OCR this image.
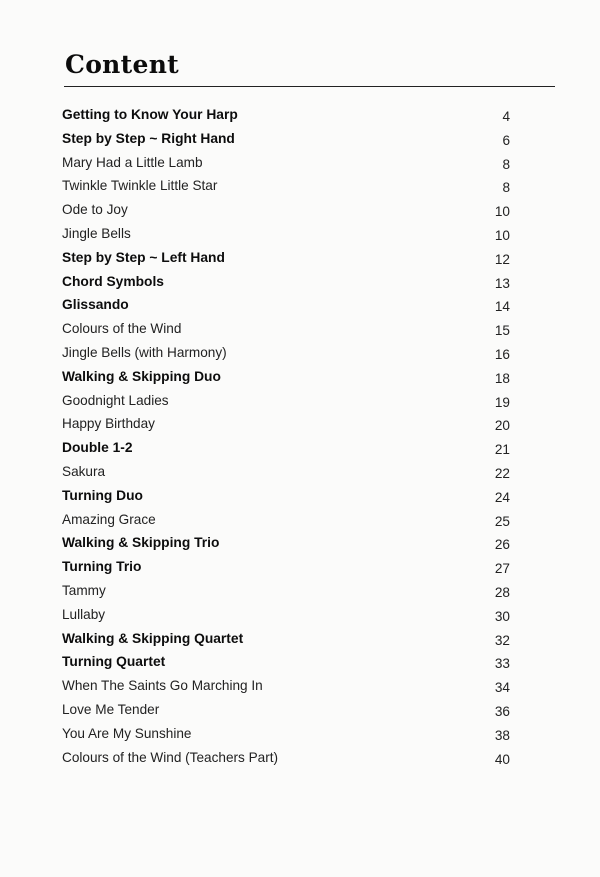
Content
Getting to Know Your Harp	4
Step by Step ~ Right Hand	6
Mary Had a Little Lamb	8
Twinkle Twinkle Little Star	8
Ode to Joy	10
Jingle Bells	10
Step by Step ~ Left Hand	12
Chord Symbols	13
Glissando	14
Colours of the Wind	15
Jingle Bells (with Harmony)	16
Walking & Skipping Duo	18
Goodnight Ladies	19
Happy Birthday	20
Double 1-2	21
Sakura	22
Turning Duo	24
Amazing Grace	25
Walking & Skipping Trio	26
Turning Trio	27
Tammy	28
Lullaby	30
Walking & Skipping Quartet	32
Turning Quartet	33
When The Saints Go Marching In	34
Love Me Tender	36
You Are My Sunshine	38
Colours of the Wind (Teachers Part)	40
